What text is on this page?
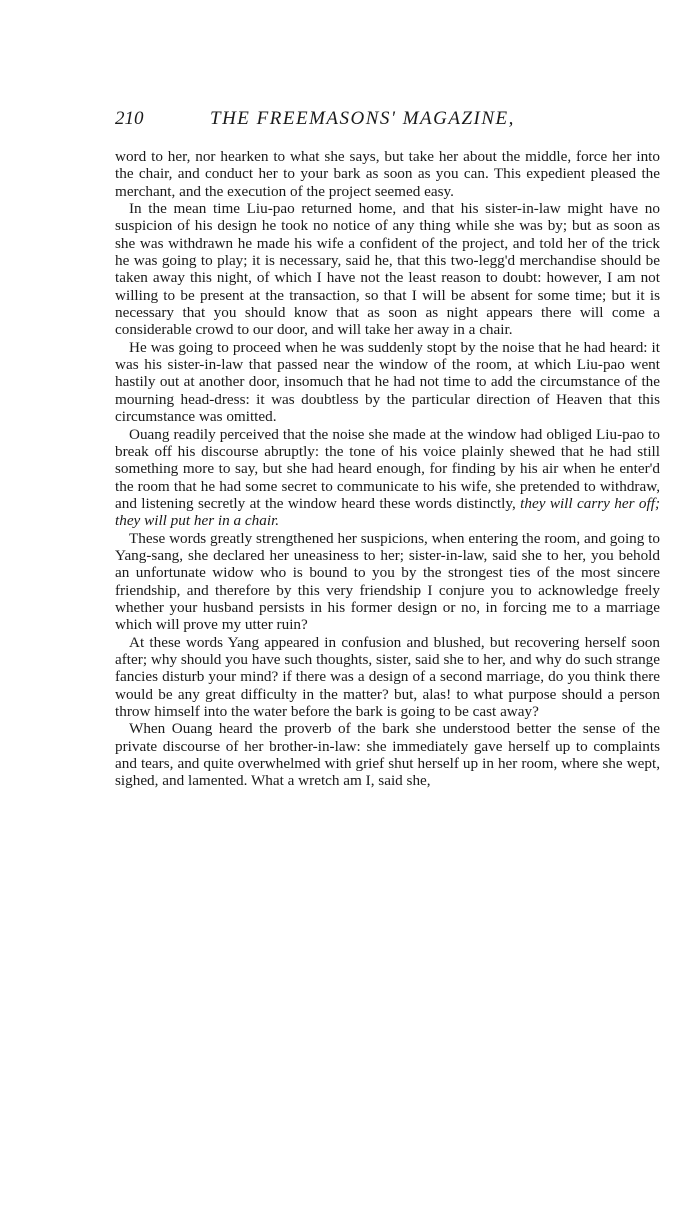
210	THE FREEMASONS' MAGAZINE,

word to her, nor hearken to what she says, but take her about the middle, force her into the chair, and conduct her to your bark as soon as you can. This expedient pleased the merchant, and the execution of the project seemed easy.

In the mean time Liu-pao returned home, and that his sister-in-law might have no suspicion of his design he took no notice of any thing while she was by; but as soon as she was withdrawn he made his wife a confident of the project, and told her of the trick he was going to play; it is necessary, said he, that this two-legg'd merchandise should be taken away this night, of which I have not the least reason to doubt: however, I am not willing to be present at the transaction, so that I will be absent for some time; but it is necessary that you should know that as soon as night appears there will come a considerable crowd to our door, and will take her away in a chair.

He was going to proceed when he was suddenly stopt by the noise that he had heard: it was his sister-in-law that passed near the window of the room, at which Liu-pao went hastily out at another door, insomuch that he had not time to add the circumstance of the mourning head-dress: it was doubtless by the particular direction of Heaven that this circumstance was omitted.

Ouang readily perceived that the noise she made at the window had obliged Liu-pao to break off his discourse abruptly: the tone of his voice plainly shewed that he had still something more to say, but she had heard enough, for finding by his air when he enter'd the room that he had some secret to communicate to his wife, she pretended to withdraw, and listening secretly at the window heard these words distinctly, they will carry her off; they will put her in a chair.

These words greatly strengthened her suspicions, when entering the room, and going to Yang-sang, she declared her uneasiness to her; sister-in-law, said she to her, you behold an unfortunate widow who is bound to you by the strongest ties of the most sincere friendship, and therefore by this very friendship I conjure you to acknowledge freely whether your husband persists in his former design or no, in forcing me to a marriage which will prove my utter ruin?

At these words Yang appeared in confusion and blushed, but recovering herself soon after; why should you have such thoughts, sister, said she to her, and why do such strange fancies disturb your mind? if there was a design of a second marriage, do you think there would be any great difficulty in the matter? but, alas! to what purpose should a person throw himself into the water before the bark is going to be cast away?

When Ouang heard the proverb of the bark she understood better the sense of the private discourse of her brother-in-law: she immediately gave herself up to complaints and tears, and quite overwhelmed with grief shut herself up in her room, where she wept, sighed, and lamented. What a wretch am I, said she,
